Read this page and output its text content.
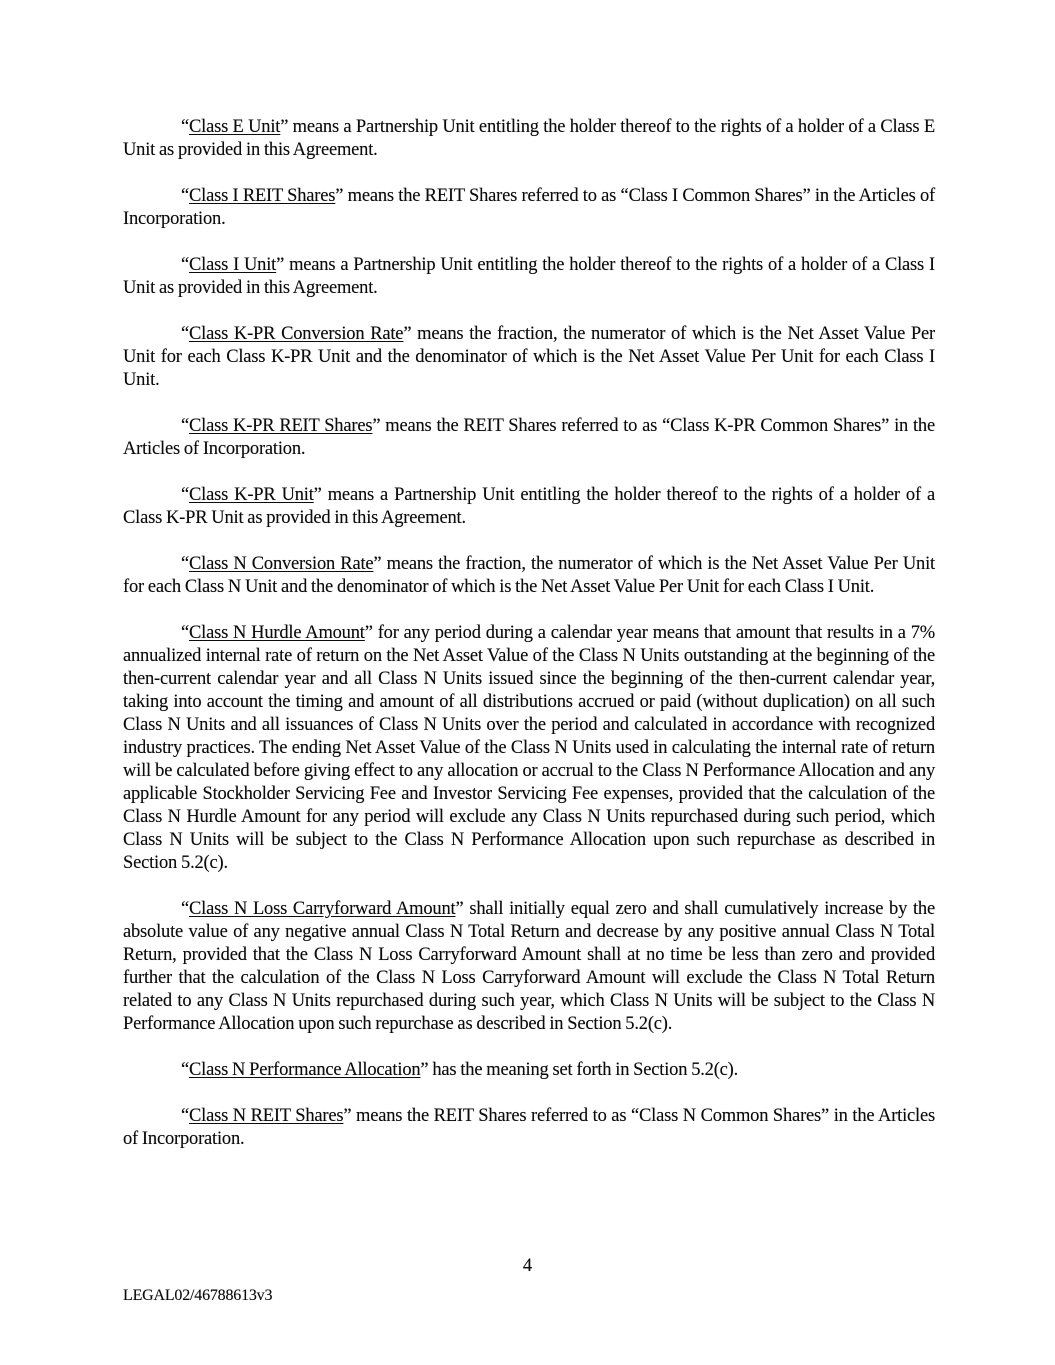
“Class E Unit” means a Partnership Unit entitling the holder thereof to the rights of a holder of a Class E Unit as provided in this Agreement.

“Class I REIT Shares” means the REIT Shares referred to as “Class I Common Shares” in the Articles of Incorporation.

“Class I Unit” means a Partnership Unit entitling the holder thereof to the rights of a holder of a Class I Unit as provided in this Agreement.

“Class K-PR Conversion Rate” means the fraction, the numerator of which is the Net Asset Value Per Unit for each Class K-PR Unit and the denominator of which is the Net Asset Value Per Unit for each Class I Unit.

“Class K-PR REIT Shares” means the REIT Shares referred to as “Class K-PR Common Shares” in the Articles of Incorporation.

“Class K-PR Unit” means a Partnership Unit entitling the holder thereof to the rights of a holder of a Class K-PR Unit as provided in this Agreement.

“Class N Conversion Rate” means the fraction, the numerator of which is the Net Asset Value Per Unit for each Class N Unit and the denominator of which is the Net Asset Value Per Unit for each Class I Unit.

“Class N Hurdle Amount” for any period during a calendar year means that amount that results in a 7% annualized internal rate of return on the Net Asset Value of the Class N Units outstanding at the beginning of the then-current calendar year and all Class N Units issued since the beginning of the then-current calendar year, taking into account the timing and amount of all distributions accrued or paid (without duplication) on all such Class N Units and all issuances of Class N Units over the period and calculated in accordance with recognized industry practices. The ending Net Asset Value of the Class N Units used in calculating the internal rate of return will be calculated before giving effect to any allocation or accrual to the Class N Performance Allocation and any applicable Stockholder Servicing Fee and Investor Servicing Fee expenses, provided that the calculation of the Class N Hurdle Amount for any period will exclude any Class N Units repurchased during such period, which Class N Units will be subject to the Class N Performance Allocation upon such repurchase as described in Section 5.2(c).

“Class N Loss Carryforward Amount” shall initially equal zero and shall cumulatively increase by the absolute value of any negative annual Class N Total Return and decrease by any positive annual Class N Total Return, provided that the Class N Loss Carryforward Amount shall at no time be less than zero and provided further that the calculation of the Class N Loss Carryforward Amount will exclude the Class N Total Return related to any Class N Units repurchased during such year, which Class N Units will be subject to the Class N Performance Allocation upon such repurchase as described in Section 5.2(c).

“Class N Performance Allocation” has the meaning set forth in Section 5.2(c).

“Class N REIT Shares” means the REIT Shares referred to as “Class N Common Shares” in the Articles of Incorporation.

4
LEGAL02/46788613v3
